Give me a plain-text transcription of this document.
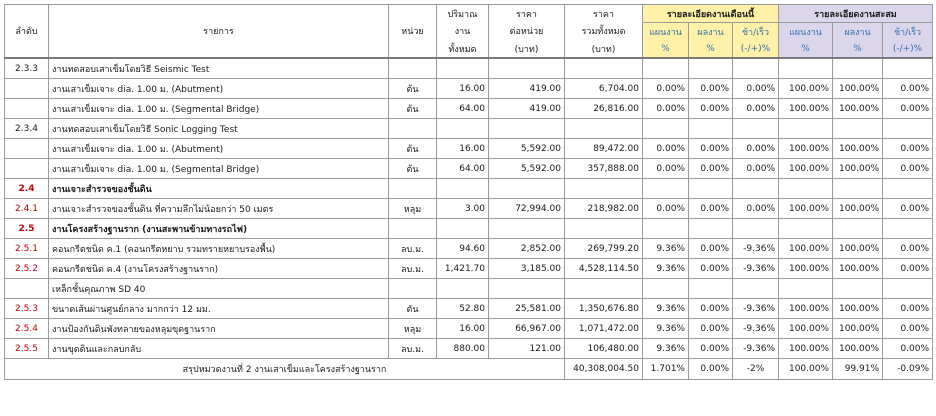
			ปริมาณ	ราคา	ราคา	รายละเอียดงานเดือนนี้			รายละเอียดงานสะสม		
ลำดับ	รายการ	หน่วย	งาน	ต่อหน่วย	รวมทั้งหมด	แผนงาน	ผลงาน	ช้า/เร็ว	แผนงาน	ผลงาน	ช้า/เร็ว
			ทั้งหมด	(บาท)	(บาท)	%	%	(-/+)%	%	%	(-/+)%
2.3.3	งานทดสอบเสาเข็มโดยวิธี Seismic Test										
	งานเสาเข็มเจาะ dia. 1.00 ม. (Abutment)	ต้น	16.00	419.00	6,704.00	0.00%	0.00%	0.00%	100.00%	100.00%	0.00%
	งานเสาเข็มเจาะ dia. 1.00 ม. (Segmental Bridge)	ต้น	64.00	419.00	26,816.00	0.00%	0.00%	0.00%	100.00%	100.00%	0.00%
2.3.4	งานทดสอบเสาเข็มโดยวิธี Sonic Logging Test										
	งานเสาเข็มเจาะ dia. 1.00 ม. (Abutment)	ต้น	16.00	5,592.00	89,472.00	0.00%	0.00%	0.00%	100.00%	100.00%	0.00%
	งานเสาเข็มเจาะ dia. 1.00 ม. (Segmental Bridge)	ต้น	64.00	5,592.00	357,888.00	0.00%	0.00%	0.00%	100.00%	100.00%	0.00%
2.4	งานเจาะสำรวจของชั้นดิน										
2.4.1	งานเจาะสำรวจของชั้นดิน ที่ความลึกไม่น้อยกว่า 50 เมตร	หลุม	3.00	72,994.00	218,982.00	0.00%	0.00%	0.00%	100.00%	100.00%	0.00%
2.5	งานโครงสร้างฐานราก (งานสะพานข้ามทางรถไฟ)										
2.5.1	คอนกรีตชนิด ค.1 (คอนกรีตหยาบ รวมทรายหยาบรองพื้น)	ลบ.ม.	94.60	2,852.00	269,799.20	9.36%	0.00%	-9.36%	100.00%	100.00%	0.00%
2.5.2	คอนกรีตชนิด ค.4 (งานโครงสร้างฐานราก)	ลบ.ม.	1,421.70	3,185.00	4,528,114.50	9.36%	0.00%	-9.36%	100.00%	100.00%	0.00%
	เหล็กชั้นคุณภาพ SD 40										
2.5.3	ขนาดเส้นผ่านศูนย์กลาง มากกว่า 12 มม.	ตัน	52.80	25,581.00	1,350,676.80	9.36%	0.00%	-9.36%	100.00%	100.00%	0.00%
2.5.4	งานป้องกันดินพังทลายของหลุมขุดฐานราก	หลุม	16.00	66,967.00	1,071,472.00	9.36%	0.00%	-9.36%	100.00%	100.00%	0.00%
2.5.5	งานขุดดินและกลบกลับ	ลบ.ม.	880.00	121.00	106,480.00	9.36%	0.00%	-9.36%	100.00%	100.00%	0.00%
สรุปหมวดงานที่ 2 งานเสาเข็มและโครงสร้างฐานราก					40,308,004.50	1.701%	0.00%	-2%	100.00%	99.91%	-0.09%
